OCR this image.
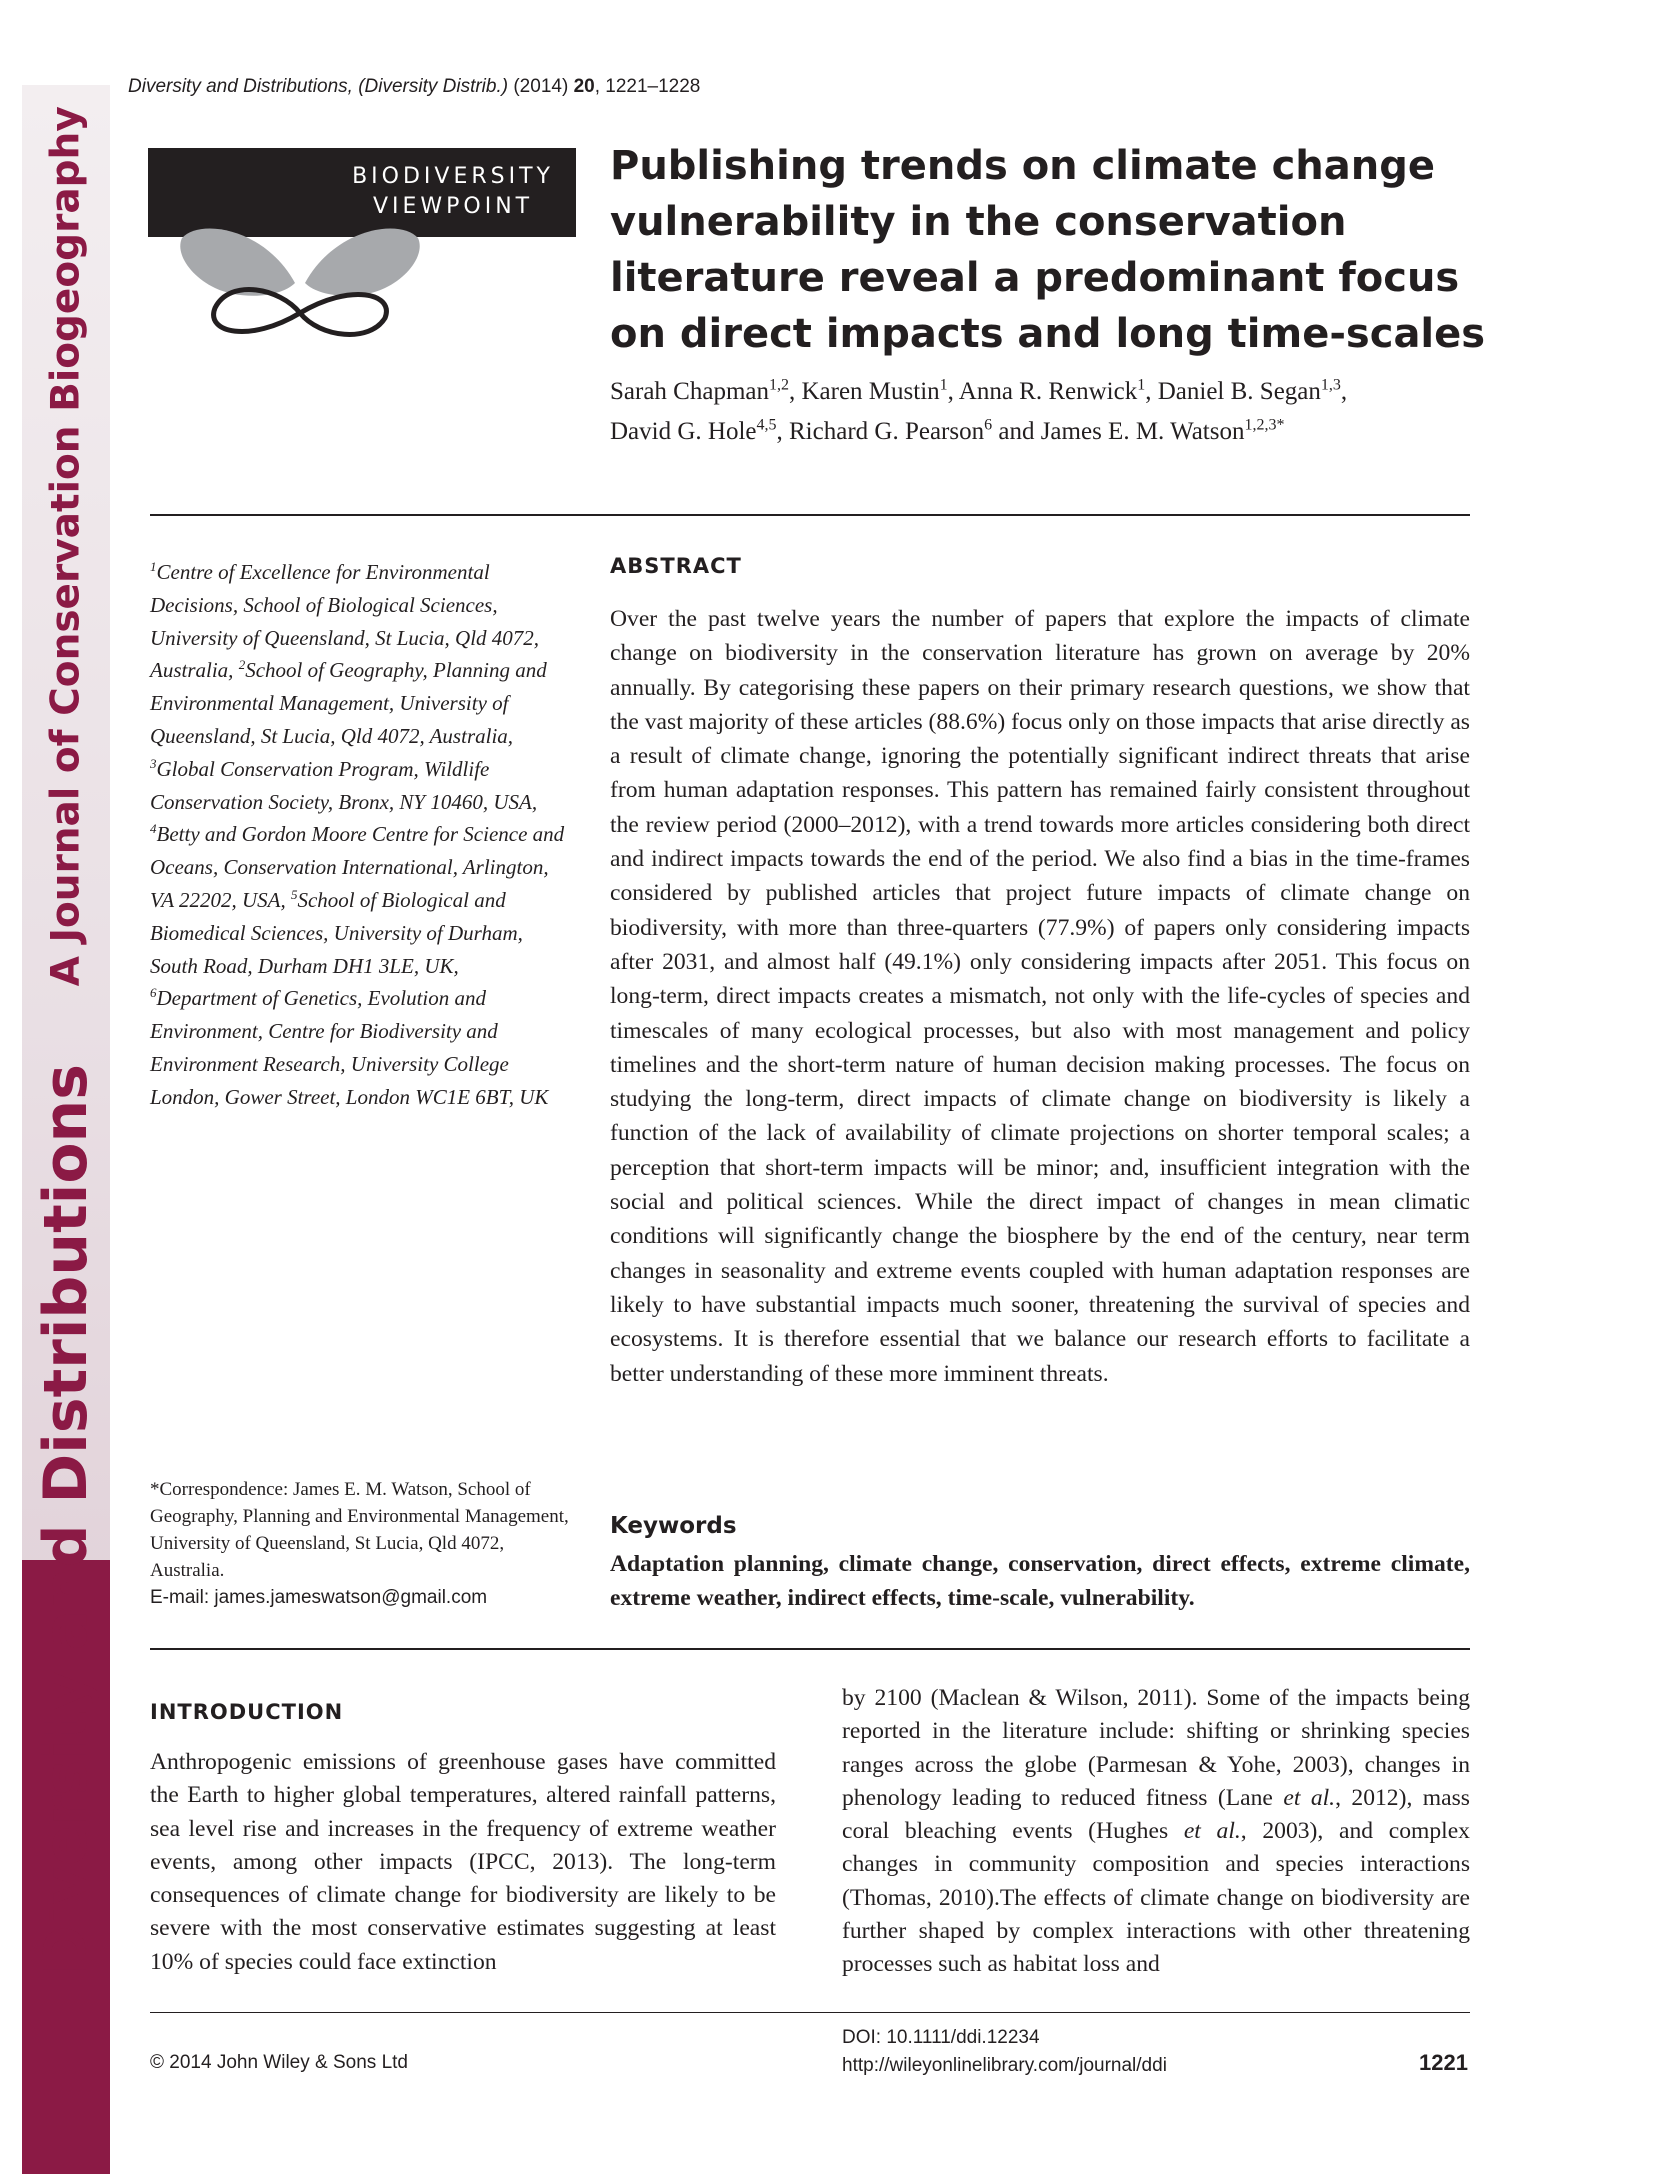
Diversity and Distributions
A Journal of Conservation Biogeography
Diversity and Distributions, (Diversity Distrib.) (2014) 20, 1221–1228
BIODIVERSITY
VIEWPOINT
Publishing trends on climate change vulnerability in the conservation literature reveal a predominant focus on direct impacts and long time-scales
Sarah Chapman$^{1,2}$, Karen Mustin$^1$, Anna R. Renwick$^1$, Daniel B. Segan$^{1,3}$,
David G. Hole$^{4,5}$, Richard G. Pearson$^6$ and James E. M. Watson$^{1,2,3*}$
$^1$Centre of Excellence for Environmental Decisions, School of Biological Sciences, University of Queensland, St Lucia, Qld 4072, Australia, $^2$School of Geography, Planning and Environmental Management, University of Queensland, St Lucia, Qld 4072, Australia, $^3$Global Conservation Program, Wildlife Conservation Society, Bronx, NY 10460, USA, $^4$Betty and Gordon Moore Centre for Science and Oceans, Conservation International, Arlington, VA 22202, USA, $^5$School of Biological and Biomedical Sciences, University of Durham, South Road, Durham DH1 3LE, UK,
$^6$Department of Genetics, Evolution and Environment, Centre for Biodiversity and Environment Research, University College London, Gower Street, London WC1E 6BT, UK
*Correspondence: James E. M. Watson, School of Geography, Planning and Environmental Management, University of Queensland, St Lucia, Qld 4072, Australia.
E-mail: james.jameswatson@gmail.com
ABSTRACT
Over the past twelve years the number of papers that explore the impacts of climate change on biodiversity in the conservation literature has grown on average by 20% annually. By categorising these papers on their primary research questions, we show that the vast majority of these articles (88.6%) focus only on those impacts that arise directly as a result of climate change, ignoring the potentially significant indirect threats that arise from human adaptation responses. This pattern has remained fairly consistent throughout the review period (2000–2012), with a trend towards more articles considering both direct and indirect impacts towards the end of the period. We also find a bias in the time-frames considered by published articles that project future impacts of climate change on biodiversity, with more than three-quarters (77.9%) of papers only considering impacts after 2031, and almost half (49.1%) only considering impacts after 2051. This focus on long-term, direct impacts creates a mismatch, not only with the life-cycles of species and timescales of many ecological processes, but also with most management and policy timelines and the short-term nature of human decision making processes. The focus on studying the long-term, direct impacts of climate change on biodiversity is likely a function of the lack of availability of climate projections on shorter temporal scales; a perception that short-term impacts will be minor; and, insufficient integration with the social and political sciences. While the direct impact of changes in mean climatic conditions will significantly change the biosphere by the end of the century, near term changes in seasonality and extreme events coupled with human adaptation responses are likely to have substantial impacts much sooner, threatening the survival of species and ecosystems. It is therefore essential that we balance our research efforts to facilitate a better understanding of these more imminent threats.
Keywords
Adaptation planning, climate change, conservation, direct effects, extreme climate, extreme weather, indirect effects, time-scale, vulnerability.
INTRODUCTION
Anthropogenic emissions of greenhouse gases have committed the Earth to higher global temperatures, altered rainfall patterns, sea level rise and increases in the frequency of extreme weather events, among other impacts (IPCC, 2013). The long-term consequences of climate change for biodiversity are likely to be severe with the most conservative estimates suggesting at least 10% of species could face extinction
by 2100 (Maclean & Wilson, 2011). Some of the impacts being reported in the literature include: shifting or shrinking species ranges across the globe (Parmesan & Yohe, 2003), changes in phenology leading to reduced fitness (Lane et al., 2012), mass coral bleaching events (Hughes et al., 2003), and complex changes in community composition and species interactions (Thomas, 2010).The effects of climate change on biodiversity are further shaped by complex interactions with other threatening processes such as habitat loss and
© 2014 John Wiley & Sons Ltd
DOI: 10.1111/ddi.12234
http://wileyonlinelibrary.com/journal/ddi	1221
